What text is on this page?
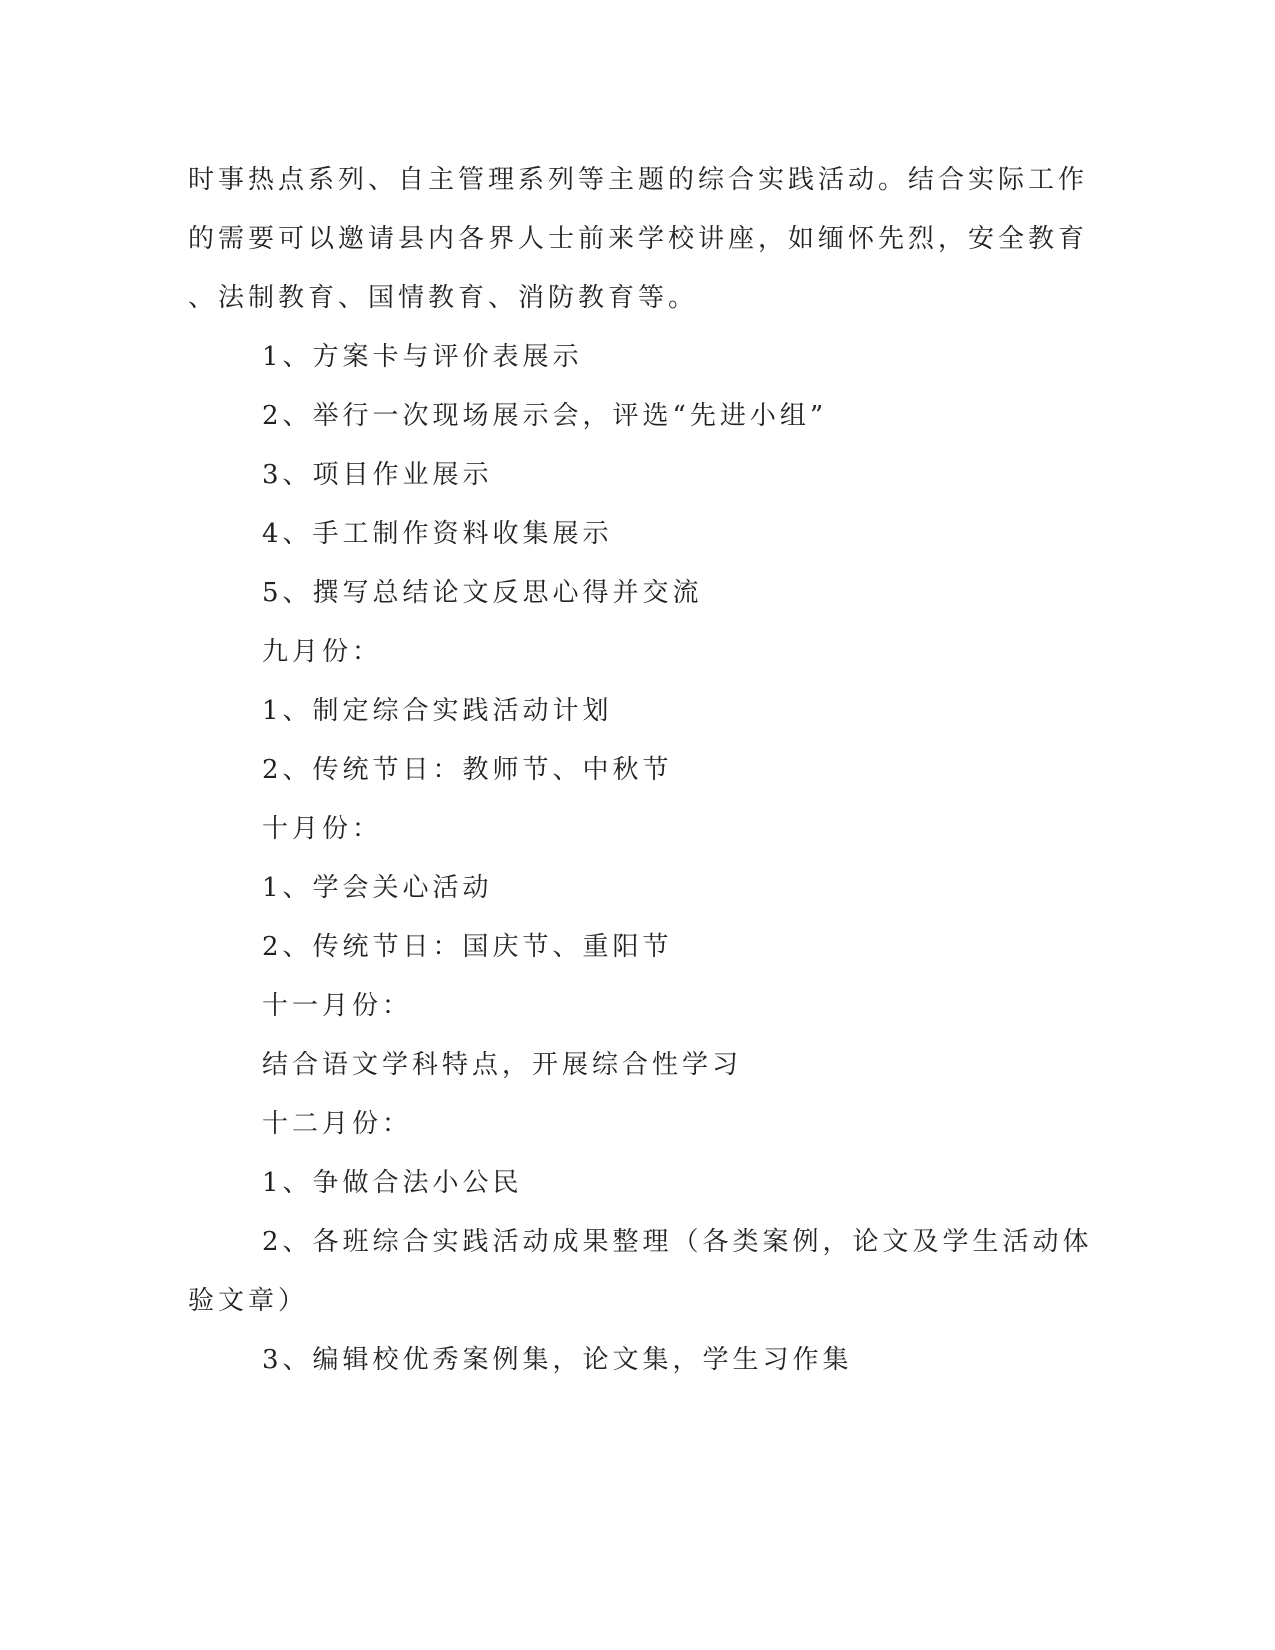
时事热点系列、自主管理系列等主题的综合实践活动。结合实际工作

的需要可以邀请县内各界人士前来学校讲座，如缅怀先烈，安全教育

、法制教育、国情教育、消防教育等。

1、方案卡与评价表展示

2、举行一次现场展示会，评选“先进小组”

3、项目作业展示

4、手工制作资料收集展示

5、撰写总结论文反思心得并交流

九月份：

1、制定综合实践活动计划

2、传统节日：教师节、中秋节

十月份：

1、学会关心活动

2、传统节日：国庆节、重阳节

十一月份：

结合语文学科特点，开展综合性学习

十二月份：

1、争做合法小公民

2、各班综合实践活动成果整理（各类案例，论文及学生活动体

验文章）

3、编辑校优秀案例集，论文集，学生习作集
